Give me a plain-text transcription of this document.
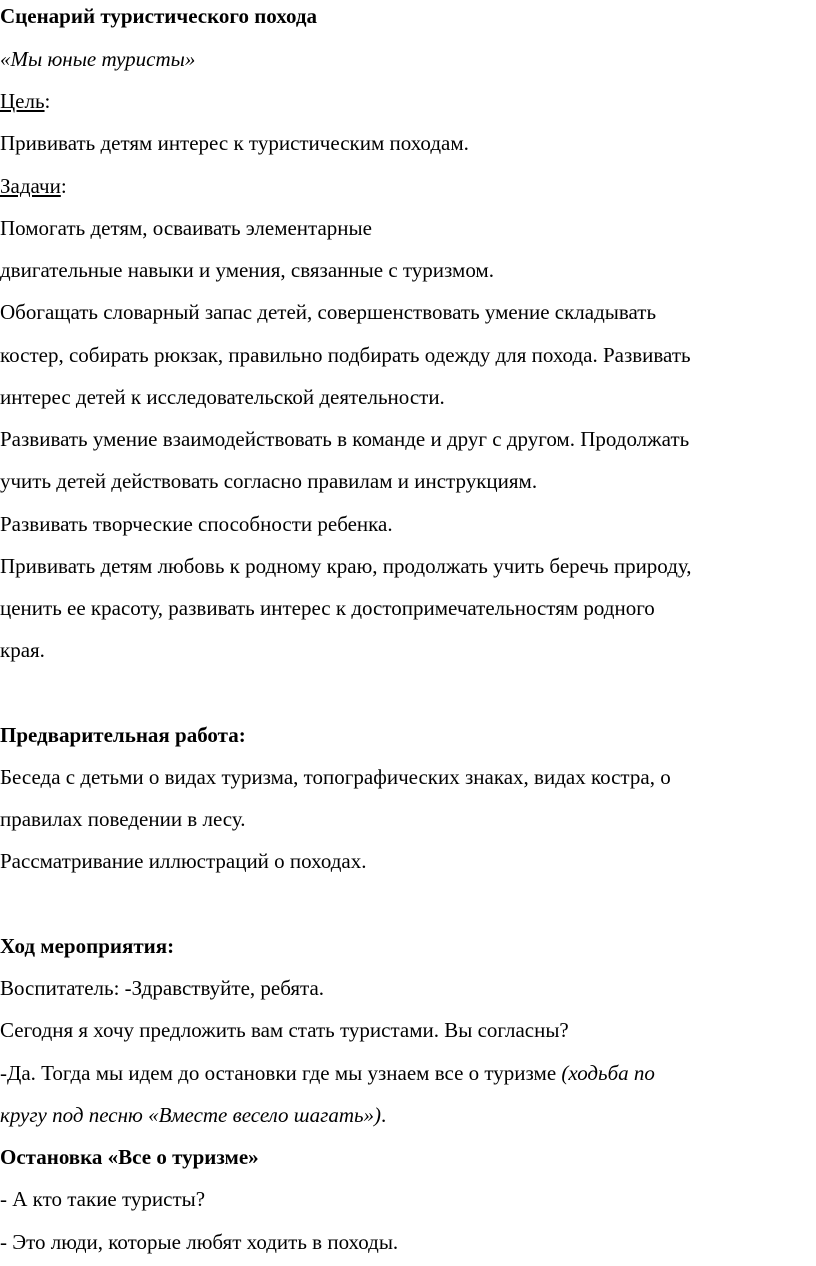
Сценарий туристического похода
«Мы юные туристы»
Цель:
Прививать детям интерес к туристическим походам.
Задачи:
Помогать детям, осваивать элементарные
двигательные навыки и умения, связанные с туризмом.
Обогащать словарный запас детей, совершенствовать умение складывать
костер, собирать рюкзак, правильно подбирать одежду для похода. Развивать
интерес детей к исследовательской деятельности.
Развивать умение взаимодействовать в команде и друг с другом. Продолжать
учить детей действовать согласно правилам и инструкциям.
Развивать творческие способности ребенка.
Прививать детям любовь к родному краю, продолжать учить беречь природу,
ценить ее красоту, развивать интерес к достопримечательностям родного
края.
Предварительная работа:
Беседа с детьми о видах туризма, топографических знаках, видах костра, о
правилах поведении в лесу.
Рассматривание иллюстраций о походах.
Ход мероприятия:
Воспитатель: -Здравствуйте, ребята.
Сегодня я хочу предложить вам стать туристами. Вы согласны?
-Да. Тогда мы идем до остановки где мы узнаем все о туризме (ходьба по
кругу под песню «Вместе весело шагать»).
Остановка «Все о туризме»
- А кто такие туристы?
- Это люди, которые любят ходить в походы.
